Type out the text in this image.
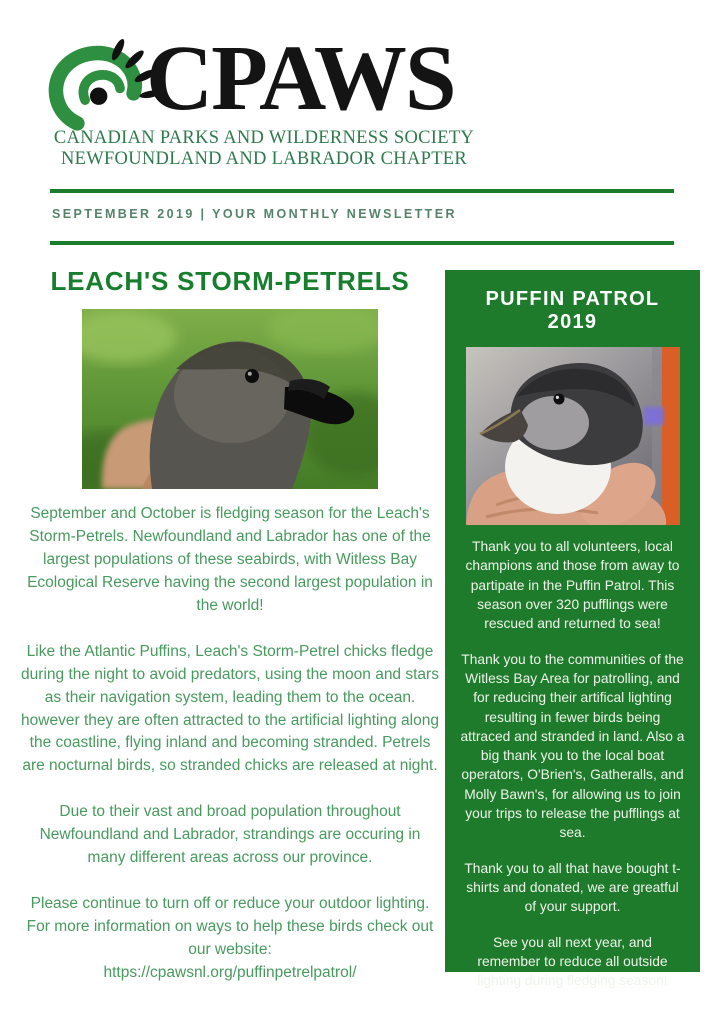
CPAWS
CANADIAN PARKS AND WILDERNESS SOCIETY
NEWFOUNDLAND AND LABRADOR CHAPTER
SEPTEMBER 2019 | YOUR MONTHLY NEWSLETTER
LEACH'S STORM-PETRELS

September and October is fledging season for the Leach's Storm-Petrels. Newfoundland and Labrador has one of the largest populations of these seabirds, with Witless Bay Ecological Reserve having the second largest population in the world!

Like the Atlantic Puffins, Leach's Storm-Petrel chicks fledge during the night to avoid predators, using the moon and stars as their navigation system, leading them to the ocean. however they are often attracted to the artificial lighting along the coastline, flying inland and becoming stranded. Petrels are nocturnal birds, so stranded chicks are released at night.

Due to their vast and broad population throughout Newfoundland and Labrador, strandings are occuring in many different areas across our province.

Please continue to turn off or reduce your outdoor lighting. For more information on ways to help these birds check out our website:
https://cpawsnl.org/puffinpetrelpatrol/

PUFFIN PATROL 2019

Thank you to all volunteers, local champions and those from away to partipate in the Puffin Patrol. This season over 320 pufflings were rescued and returned to sea!

Thank you to the communities of the Witless Bay Area for patrolling, and for reducing their artifical lighting resulting in fewer birds being attraced and stranded in land. Also a big thank you to the local boat operators, O'Brien's, Gatheralls, and Molly Bawn's, for allowing us to join your trips to release the pufflings at sea.

Thank you to all that have bought t-shirts and donated, we are greatful of your support.

See you all next year, and remember to reduce all outside lighting during fledging season!
